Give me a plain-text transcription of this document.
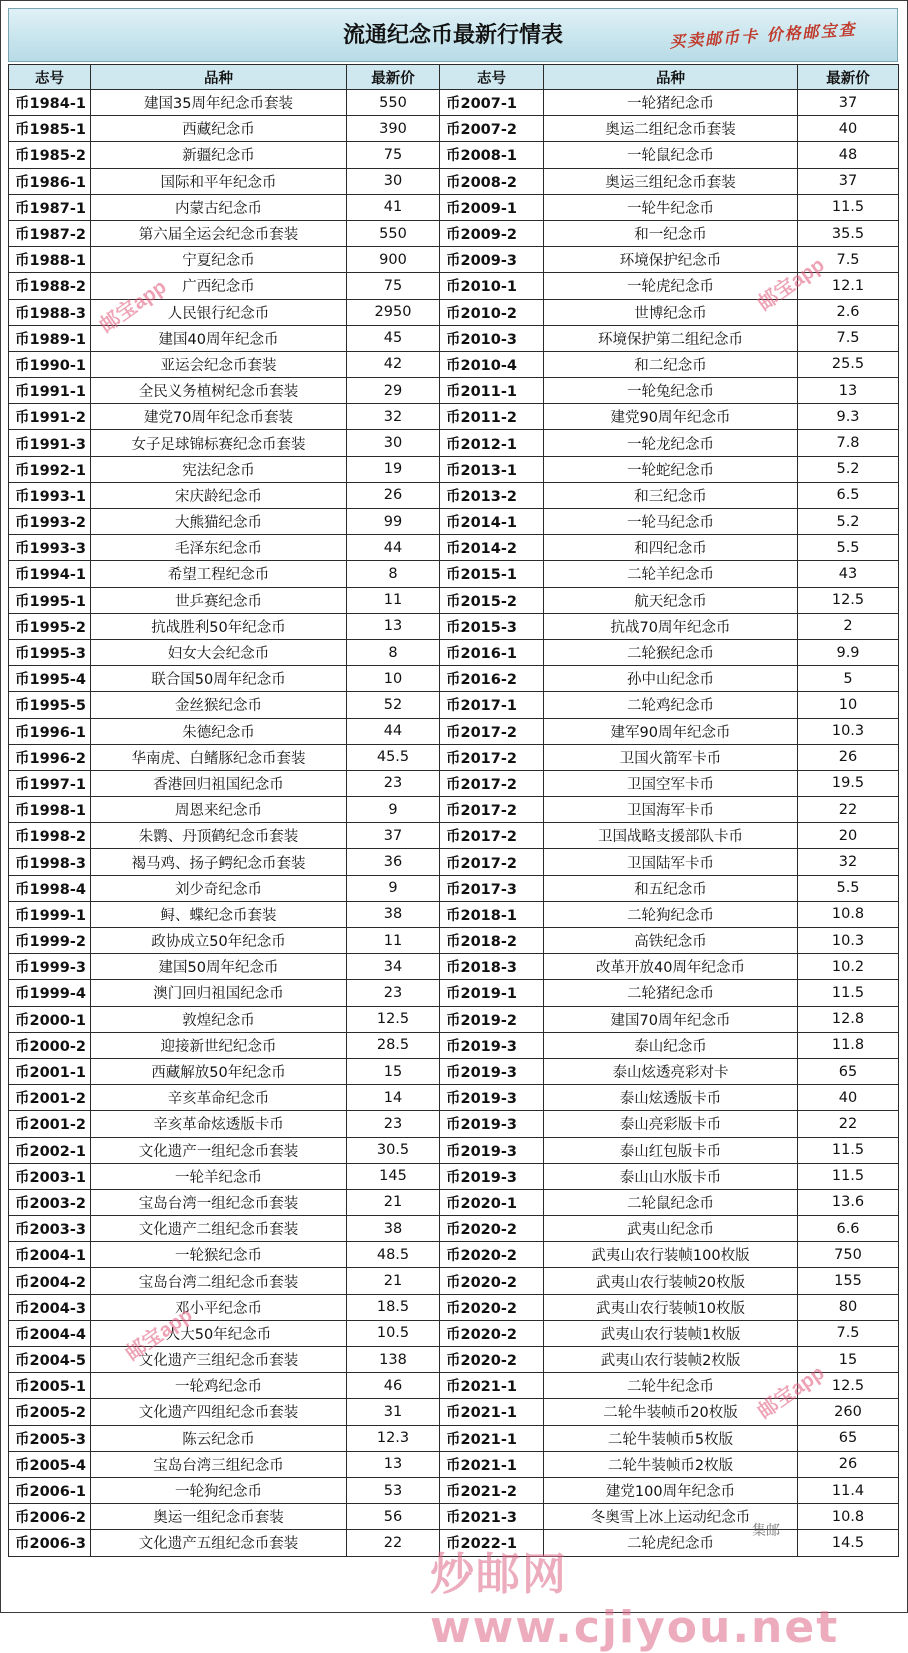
流通纪念币最新行情表	买卖邮币卡 价格邮宝查
志号	品种	最新价	志号	品种	最新价
币1984-1	建国35周年纪念币套装	550	币2007-1	一轮猪纪念币	37
币1985-1	西藏纪念币	390	币2007-2	奥运二组纪念币套装	40
币1985-2	新疆纪念币	75	币2008-1	一轮鼠纪念币	48
币1986-1	国际和平年纪念币	30	币2008-2	奥运三组纪念币套装	37
币1987-1	内蒙古纪念币	41	币2009-1	一轮牛纪念币	11.5
币1987-2	第六届全运会纪念币套装	550	币2009-2	和一纪念币	35.5
币1988-1	宁夏纪念币	900	币2009-3	环境保护纪念币	7.5
币1988-2	广西纪念币	75	币2010-1	一轮虎纪念币	12.1
币1988-3	人民银行纪念币	2950	币2010-2	世博纪念币	2.6
币1989-1	建国40周年纪念币	45	币2010-3	环境保护第二组纪念币	7.5
币1990-1	亚运会纪念币套装	42	币2010-4	和二纪念币	25.5
币1991-1	全民义务植树纪念币套装	29	币2011-1	一轮兔纪念币	13
币1991-2	建党70周年纪念币套装	32	币2011-2	建党90周年纪念币	9.3
币1991-3	女子足球锦标赛纪念币套装	30	币2012-1	一轮龙纪念币	7.8
币1992-1	宪法纪念币	19	币2013-1	一轮蛇纪念币	5.2
币1993-1	宋庆龄纪念币	26	币2013-2	和三纪念币	6.5
币1993-2	大熊猫纪念币	99	币2014-1	一轮马纪念币	5.2
币1993-3	毛泽东纪念币	44	币2014-2	和四纪念币	5.5
币1994-1	希望工程纪念币	8	币2015-1	二轮羊纪念币	43
币1995-1	世乒赛纪念币	11	币2015-2	航天纪念币	12.5
币1995-2	抗战胜利50年纪念币	13	币2015-3	抗战70周年纪念币	2
币1995-3	妇女大会纪念币	8	币2016-1	二轮猴纪念币	9.9
币1995-4	联合国50周年纪念币	10	币2016-2	孙中山纪念币	5
币1995-5	金丝猴纪念币	52	币2017-1	二轮鸡纪念币	10
币1996-1	朱德纪念币	44	币2017-2	建军90周年纪念币	10.3
币1996-2	华南虎、白鳍豚纪念币套装	45.5	币2017-2	卫国火箭军卡币	26
币1997-1	香港回归祖国纪念币	23	币2017-2	卫国空军卡币	19.5
币1998-1	周恩来纪念币	9	币2017-2	卫国海军卡币	22
币1998-2	朱鹮、丹顶鹤纪念币套装	37	币2017-2	卫国战略支援部队卡币	20
币1998-3	褐马鸡、扬子鳄纪念币套装	36	币2017-2	卫国陆军卡币	32
币1998-4	刘少奇纪念币	9	币2017-3	和五纪念币	5.5
币1999-1	鲟、蝶纪念币套装	38	币2018-1	二轮狗纪念币	10.8
币1999-2	政协成立50年纪念币	11	币2018-2	高铁纪念币	10.3
币1999-3	建国50周年纪念币	34	币2018-3	改革开放40周年纪念币	10.2
币1999-4	澳门回归祖国纪念币	23	币2019-1	二轮猪纪念币	11.5
币2000-1	敦煌纪念币	12.5	币2019-2	建国70周年纪念币	12.8
币2000-2	迎接新世纪纪念币	28.5	币2019-3	泰山纪念币	11.8
币2001-1	西藏解放50年纪念币	15	币2019-3	泰山炫透亮彩对卡	65
币2001-2	辛亥革命纪念币	14	币2019-3	泰山炫透版卡币	40
币2001-2	辛亥革命炫透版卡币	23	币2019-3	泰山亮彩版卡币	22
币2002-1	文化遗产一组纪念币套装	30.5	币2019-3	泰山红包版卡币	11.5
币2003-1	一轮羊纪念币	145	币2019-3	泰山山水版卡币	11.5
币2003-2	宝岛台湾一组纪念币套装	21	币2020-1	二轮鼠纪念币	13.6
币2003-3	文化遗产二组纪念币套装	38	币2020-2	武夷山纪念币	6.6
币2004-1	一轮猴纪念币	48.5	币2020-2	武夷山农行装帧100枚版	750
币2004-2	宝岛台湾二组纪念币套装	21	币2020-2	武夷山农行装帧20枚版	155
币2004-3	邓小平纪念币	18.5	币2020-2	武夷山农行装帧10枚版	80
币2004-4	人大50年纪念币	10.5	币2020-2	武夷山农行装帧1枚版	7.5
币2004-5	文化遗产三组纪念币套装	138	币2020-2	武夷山农行装帧2枚版	15
币2005-1	一轮鸡纪念币	46	币2021-1	二轮牛纪念币	12.5
币2005-2	文化遗产四组纪念币套装	31	币2021-1	二轮牛装帧币20枚版	260
币2005-3	陈云纪念币	12.3	币2021-1	二轮牛装帧币5枚版	65
币2005-4	宝岛台湾三组纪念币	13	币2021-1	二轮牛装帧币2枚版	26
币2006-1	一轮狗纪念币	53	币2021-2	建党100周年纪念币	11.4
币2006-2	奥运一组纪念币套装	56	币2021-3	冬奥雪上冰上运动纪念币	10.8
币2006-3	文化遗产五组纪念币套装	22	币2022-1	二轮虎纪念币	14.5
邮宝app
邮宝app
邮宝app
邮宝app
炒邮网 www.cjiyou.net
集邮
